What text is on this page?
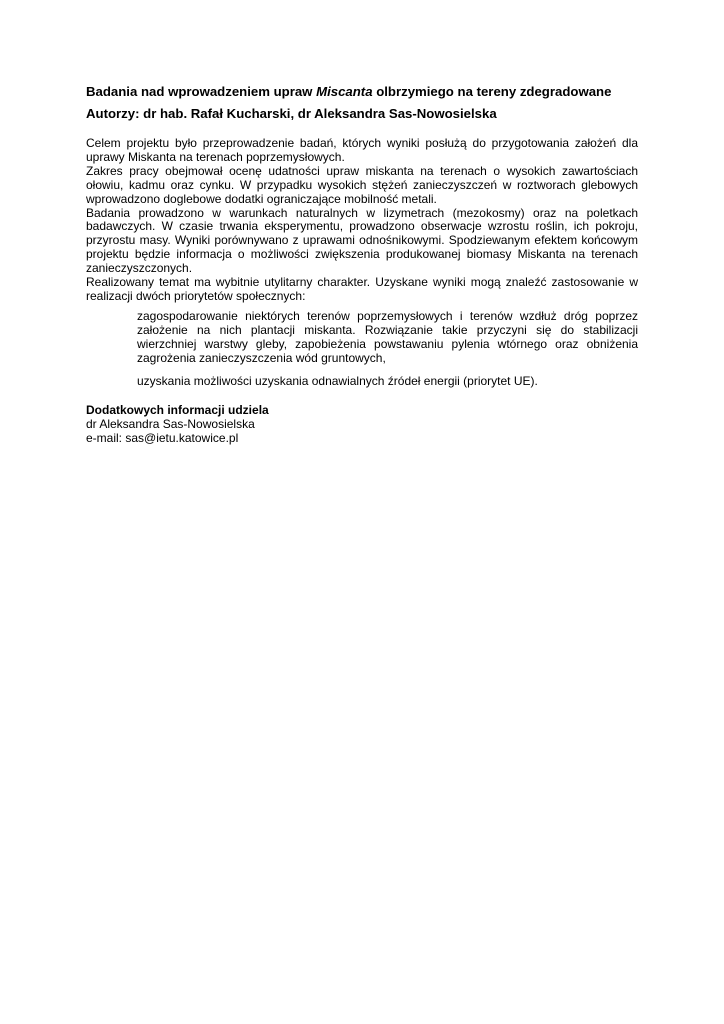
Badania nad wprowadzeniem upraw Miscanta olbrzymiego na tereny zdegradowane
Autorzy: dr hab. Rafał Kucharski, dr Aleksandra Sas-Nowosielska

Celem projektu było przeprowadzenie badań, których wyniki posłużą do przygotowania założeń dla uprawy Miskanta na terenach poprzemysłowych.

Zakres pracy obejmował ocenę udatności upraw miskanta na terenach o wysokich zawartościach ołowiu, kadmu oraz cynku. W przypadku wysokich stężeń zanieczyszczeń w roztworach glebowych wprowadzono doglebowe dodatki ograniczające mobilność metali.

Badania prowadzono w warunkach naturalnych w lizymetrach (mezokosmy) oraz na poletkach badawczych. W czasie trwania eksperymentu, prowadzono obserwacje wzrostu roślin, ich pokroju, przyrostu masy. Wyniki porównywano z uprawami odnośnikowymi. Spodziewanym efektem końcowym projektu będzie informacja o możliwości zwiększenia produkowanej biomasy Miskanta na terenach zanieczyszczonych.

Realizowany temat ma wybitnie utylitarny charakter. Uzyskane wyniki mogą znaleźć zastosowanie w realizacji dwóch priorytetów społecznych:

zagospodarowanie niektórych terenów poprzemysłowych i terenów wzdłuż dróg poprzez założenie na nich plantacji miskanta. Rozwiązanie takie przyczyni się do stabilizacji wierzchniej warstwy gleby, zapobieżenia powstawaniu pylenia wtórnego oraz obniżenia zagrożenia zanieczyszczenia wód gruntowych,

uzyskania możliwości uzyskania odnawialnych źródeł energii (priorytet UE).

Dodatkowych informacji udziela
dr Aleksandra Sas-Nowosielska
e-mail: sas@ietu.katowice.pl
